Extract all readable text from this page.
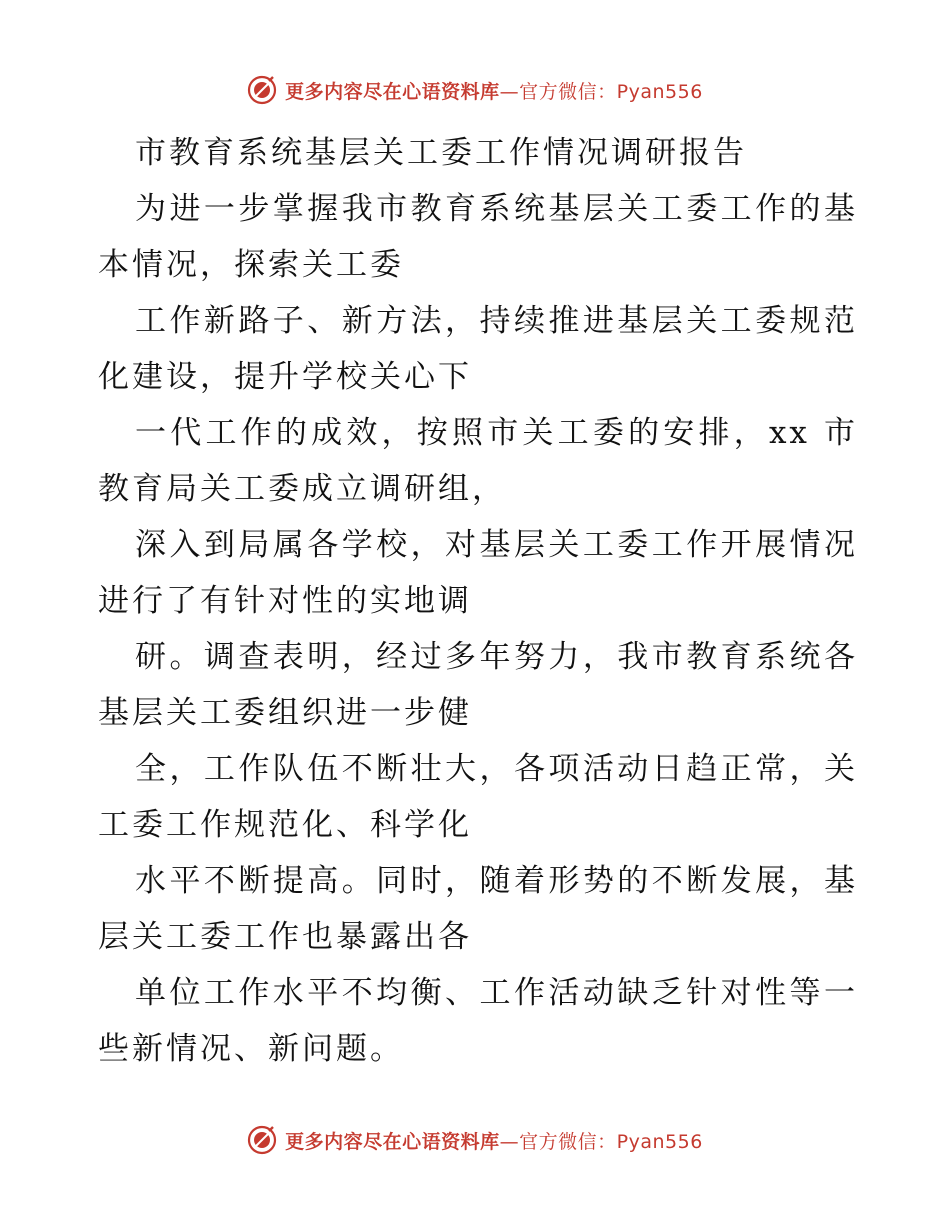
更多内容尽在心语资料库—官方微信：Pyan556
市教育系统基层关工委工作情况调研报告
为进一步掌握我市教育系统基层关工委工作的基
本情况，探索关工委
工作新路子、新方法，持续推进基层关工委规范
化建设，提升学校关心下
一代工作的成效，按照市关工委的安排，xx 市
教育局关工委成立调研组，
深入到局属各学校，对基层关工委工作开展情况
进行了有针对性的实地调
研。调查表明，经过多年努力，我市教育系统各
基层关工委组织进一步健
全，工作队伍不断壮大，各项活动日趋正常，关
工委工作规范化、科学化
水平不断提高。同时，随着形势的不断发展，基
层关工委工作也暴露出各
单位工作水平不均衡、工作活动缺乏针对性等一
些新情况、新问题。
更多内容尽在心语资料库—官方微信：Pyan556
